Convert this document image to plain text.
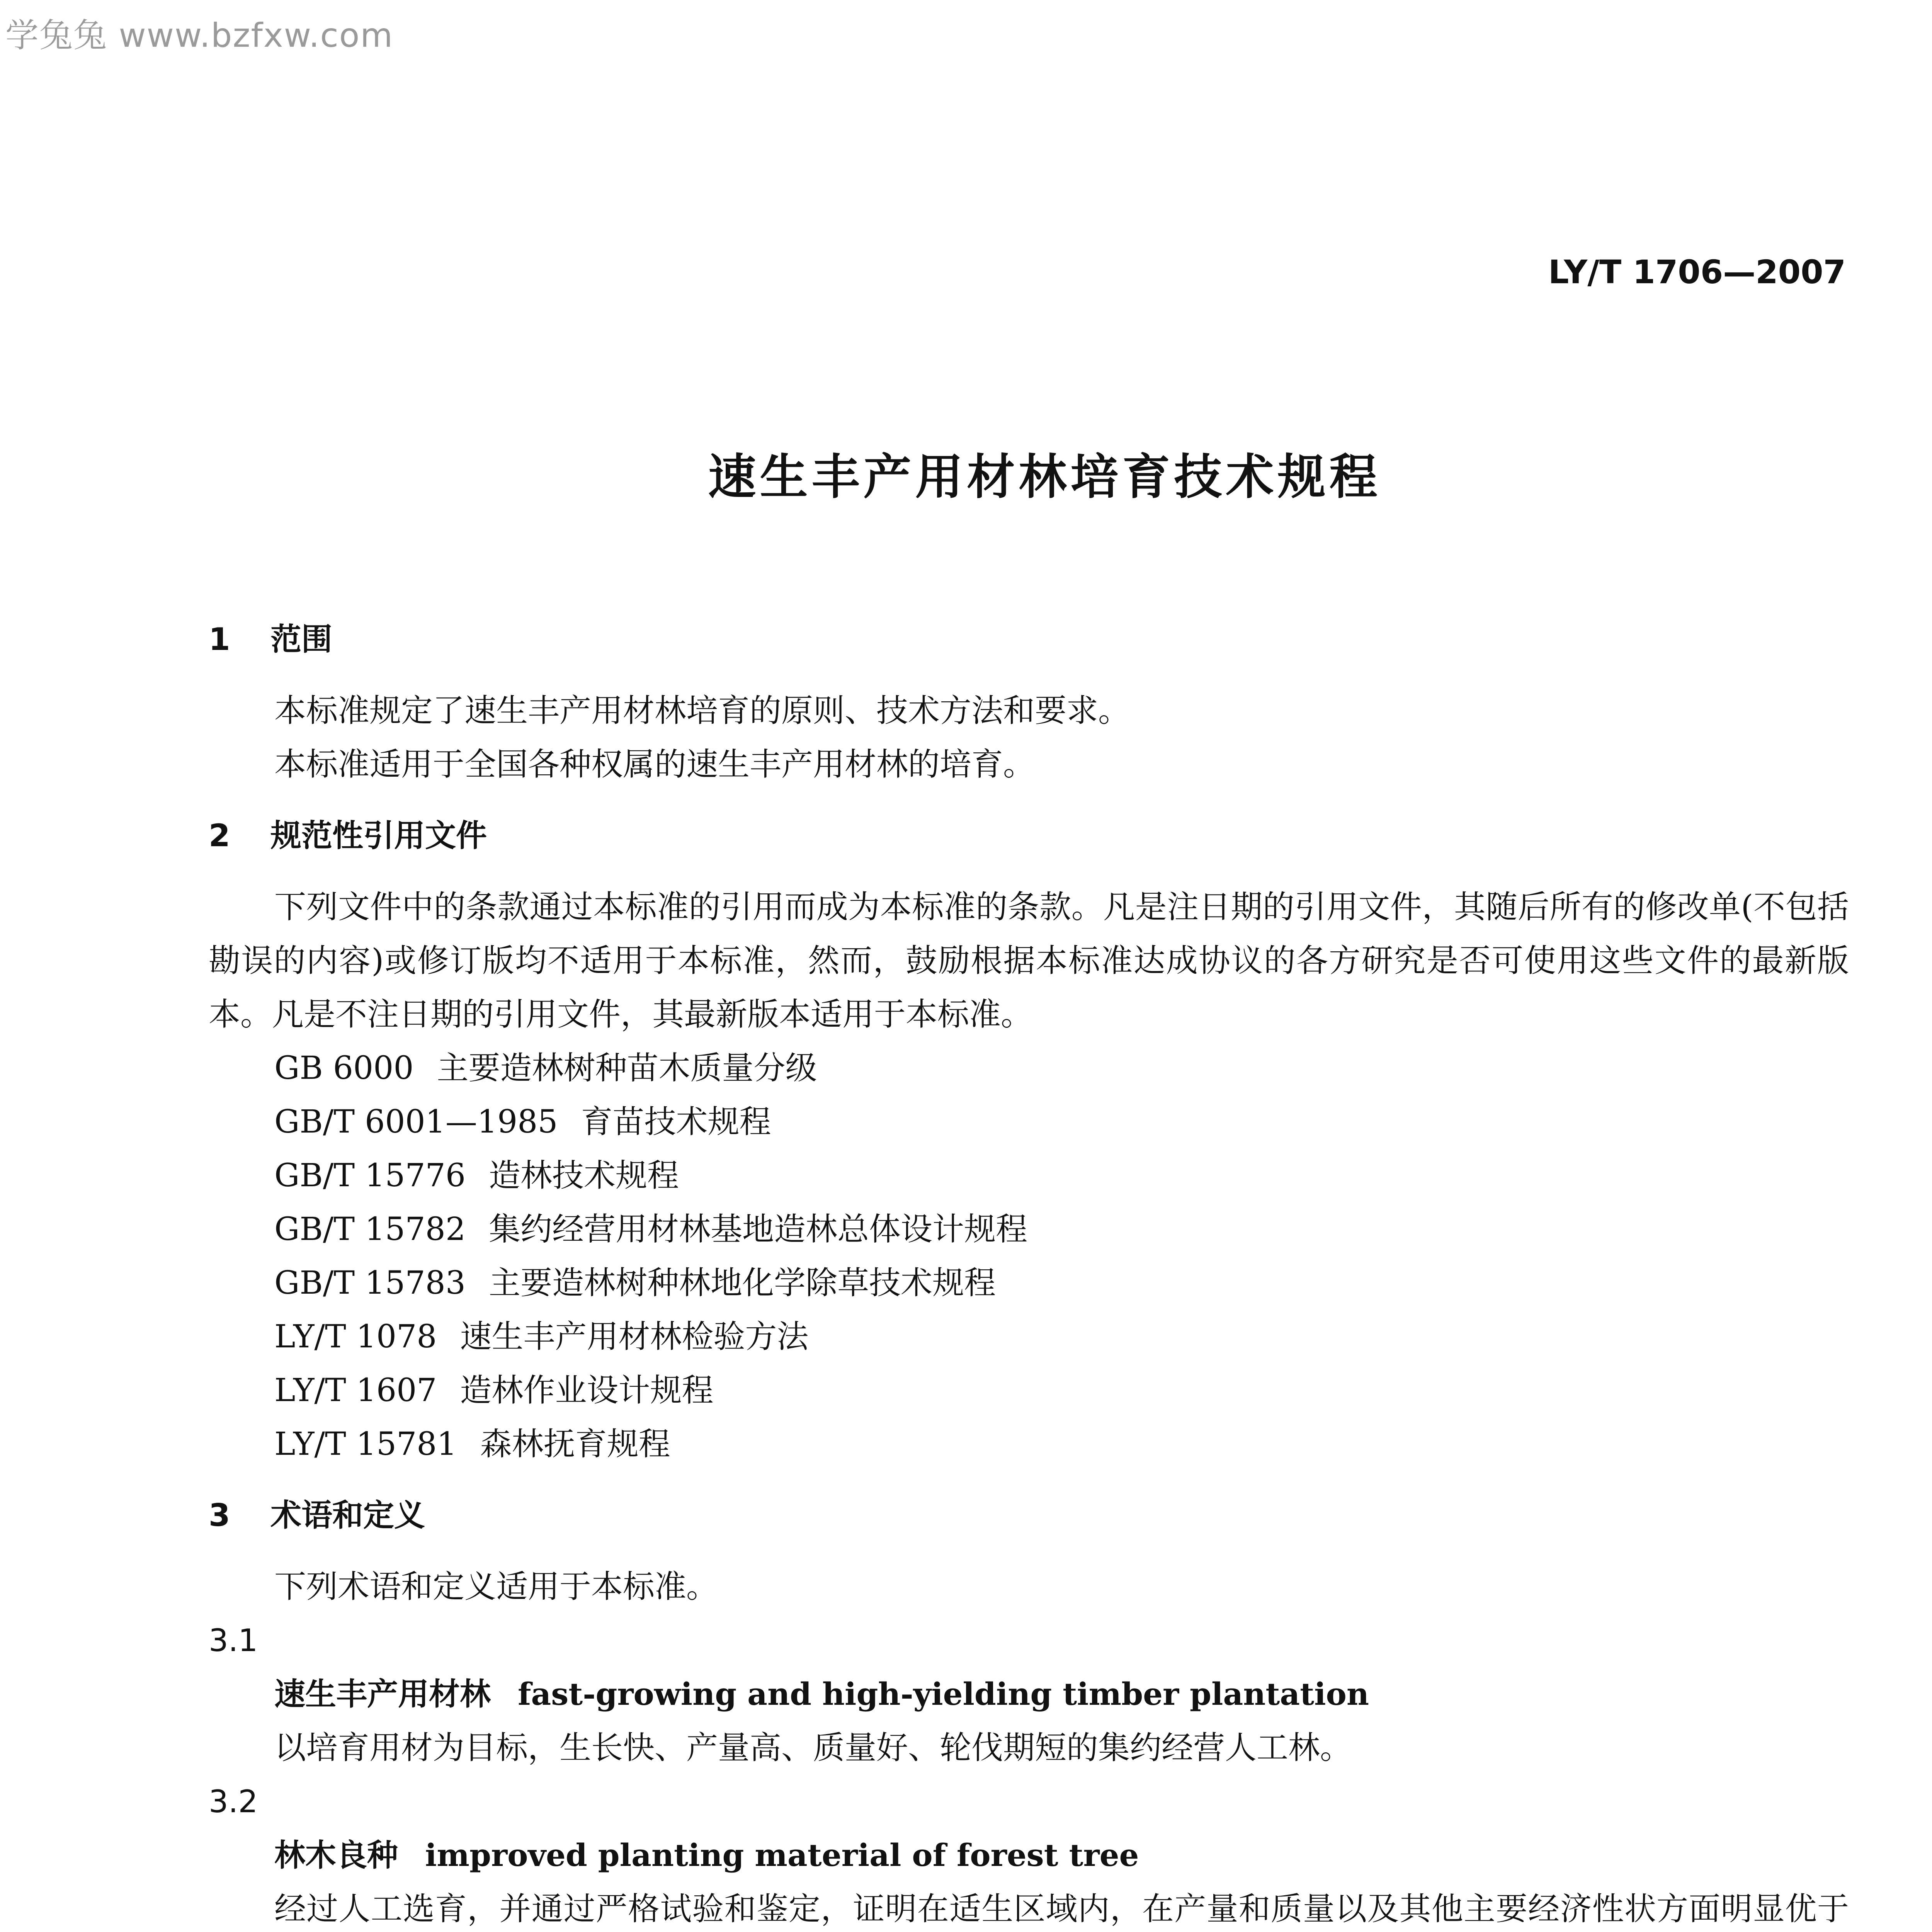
学兔兔 www.bzfxw.com
LY/T 1706—2007
速生丰产用材林培育技术规程

1 范围

本标准规定了速生丰产用材林培育的原则、技术方法和要求。

本标准适用于全国各种权属的速生丰产用材林的培育。

2 规范性引用文件

下列文件中的条款通过本标准的引用而成为本标准的条款。凡是注日期的引用文件，其随后所有的修改单(不包括勘误的内容)或修订版均不适用于本标准，然而，鼓励根据本标准达成协议的各方研究是否可使用这些文件的最新版本。凡是不注日期的引用文件，其最新版本适用于本标准。

GB 6000 主要造林树种苗木质量分级

GB/T 6001—1985 育苗技术规程

GB/T 15776 造林技术规程

GB/T 15782 集约经营用材林基地造林总体设计规程

GB/T 15783 主要造林树种林地化学除草技术规程

LY/T 1078 速生丰产用材林检验方法

LY/T 1607 造林作业设计规程

LY/T 15781 森林抚育规程

3 术语和定义

下列术语和定义适用于本标准。

3.1

速生丰产用材林 fast-growing and high-yielding timber plantation

以培育用材为目标，生长快、产量高、质量好、轮伐期短的集约经营人工林。

3.2

林木良种 improved planting material of forest tree

经过人工选育，并通过严格试验和鉴定，证明在适生区域内，在产量和质量以及其他主要经济性状方面明显优于
